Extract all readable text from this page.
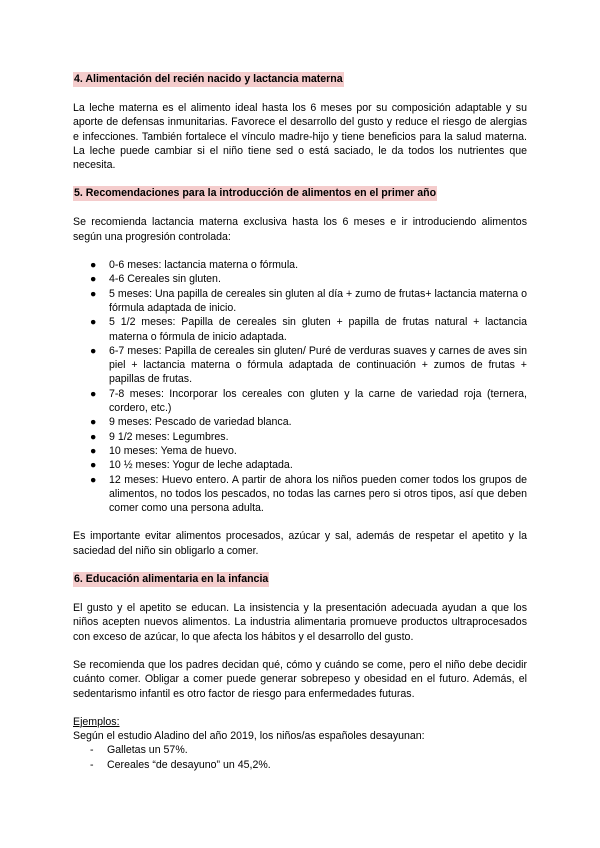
4. Alimentación del recién nacido y lactancia materna

La leche materna es el alimento ideal hasta los 6 meses por su composición adaptable y su aporte de defensas inmunitarias. Favorece el desarrollo del gusto y reduce el riesgo de alergias e infecciones. También fortalece el vínculo madre-hijo y tiene beneficios para la salud materna. La leche puede cambiar si el niño tiene sed o está saciado, le da todos los nutrientes que necesita.

5. Recomendaciones para la introducción de alimentos en el primer año

Se recomienda lactancia materna exclusiva hasta los 6 meses e ir introduciendo alimentos según una progresión controlada:

● 0-6 meses: lactancia materna o fórmula.
● 4-6 Cereales sin gluten.
● 5 meses: Una papilla de cereales sin gluten al día + zumo de frutas+ lactancia materna o fórmula adaptada de inicio.
● 5 1/2 meses: Papilla de cereales sin gluten + papilla de frutas natural + lactancia materna o fórmula de inicio adaptada.
● 6-7 meses: Papilla de cereales sin gluten/ Puré de verduras suaves y carnes de aves sin piel + lactancia materna o fórmula adaptada de continuación + zumos de frutas + papillas de frutas.
● 7-8 meses: Incorporar los cereales con gluten y la carne de variedad roja (ternera, cordero, etc.)
● 9 meses: Pescado de variedad blanca.
● 9 1/2 meses: Legumbres.
● 10 meses: Yema de huevo.
● 10 ½ meses: Yogur de leche adaptada.
● 12 meses: Huevo entero. A partir de ahora los niños pueden comer todos los grupos de alimentos, no todos los pescados, no todas las carnes pero si otros tipos, así que deben comer como una persona adulta.

Es importante evitar alimentos procesados, azúcar y sal, además de respetar el apetito y la saciedad del niño sin obligarlo a comer.

6. Educación alimentaria en la infancia

El gusto y el apetito se educan. La insistencia y la presentación adecuada ayudan a que los niños acepten nuevos alimentos. La industria alimentaria promueve productos ultraprocesados con exceso de azúcar, lo que afecta los hábitos y el desarrollo del gusto.

Se recomienda que los padres decidan qué, cómo y cuándo se come, pero el niño debe decidir cuánto comer. Obligar a comer puede generar sobrepeso y obesidad en el futuro. Además, el sedentarismo infantil es otro factor de riesgo para enfermedades futuras.

Ejemplos:

Según el estudio Aladino del año 2019, los niños/as españoles desayunan:

- Galletas un 57%.
- Cereales “de desayuno” un 45,2%.
